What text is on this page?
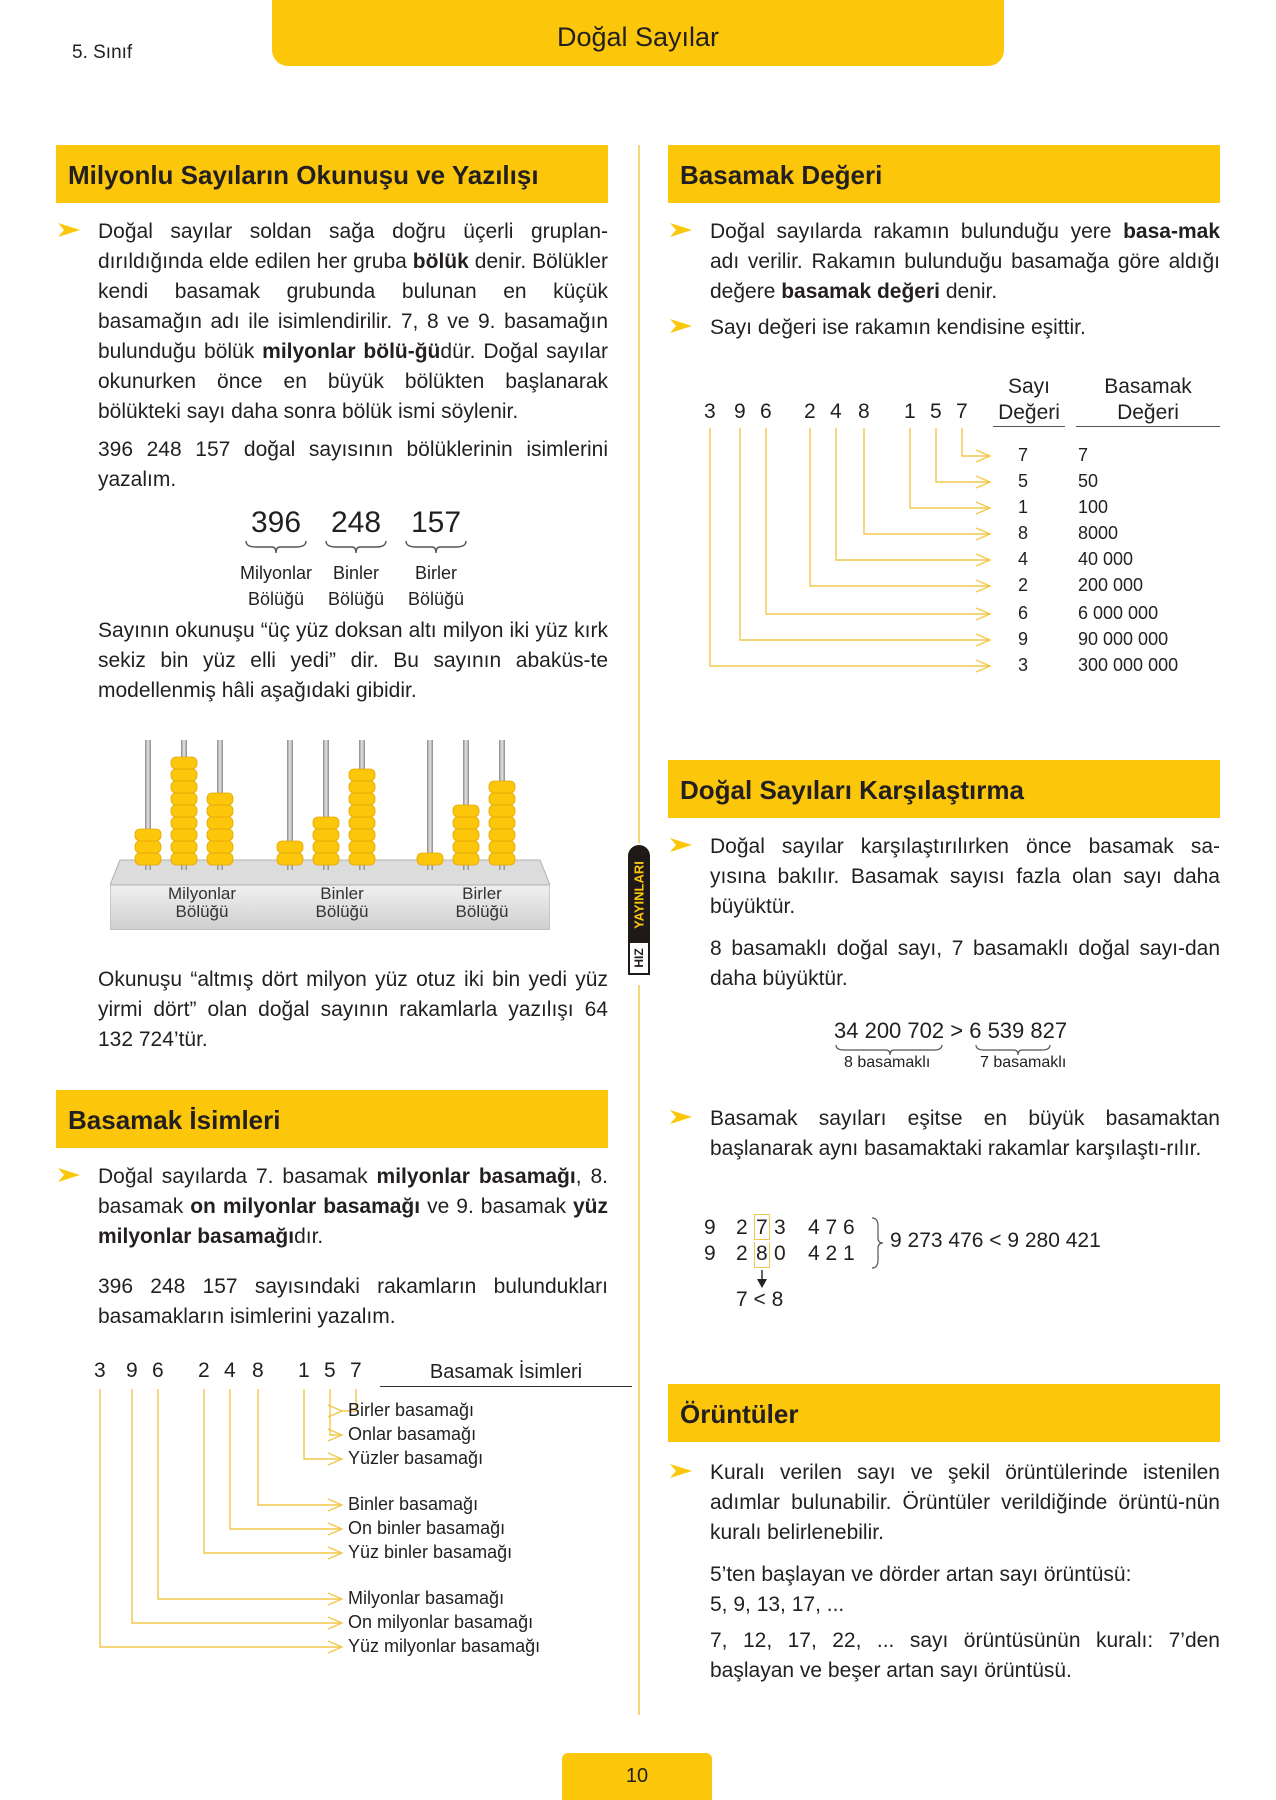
5. Sınıf
Doğal Sayılar
YAYINLARI
HIZ
Milyonlu Sayıların Okunuşu ve Yazılışı
Doğal sayılar soldan sağa doğru üçerli gruplan-dırıldığında elde edilen her gruba bölük denir. Bölükler kendi basamak grubunda bulunan en küçük basamağın adı ile isimlendirilir. 7, 8 ve 9. basamağın bulunduğu bölük milyonlar bölü-ğüdür. Doğal sayılar okunurken önce en büyük bölükten başlanarak bölükteki sayı daha sonra bölük ismi söylenir.
396 248 157 doğal sayısının bölüklerinin isimlerini yazalım.
396 248 157
Milyonlar
Bölüğü
Binler
Bölüğü
Birler
Bölüğü
Sayının okunuşu “üç yüz doksan altı milyon iki yüz kırk sekiz bin yüz elli yedi” dir. Bu sayının abaküs-te modellenmiş hâli aşağıdaki gibidir.
Milyonlar
Bölüğü
Binler
Bölüğü
Birler
Bölüğü
Okunuşu “altmış dört milyon yüz otuz iki bin yedi yüz yirmi dört” olan doğal sayının rakamlarla yazılışı 64 132 724’tür.
Basamak İsimleri
Doğal sayılarda 7. basamak milyonlar basamağı, 8. basamak on milyonlar basamağı ve 9. basamak yüz milyonlar basamağıdır.
396 248 157 sayısındaki rakamların bulundukları basamakların isimlerini yazalım.
3 9 6 2 4 8 1 5 7	Basamak İsimleri
Birler basamağı
Onlar basamağı
Yüzler basamağı
Binler basamağı
On binler basamağı
Yüz binler basamağı
Milyonlar basamağı
On milyonlar basamağı
Yüz milyonlar basamağı
Basamak Değeri
Doğal sayılarda rakamın bulunduğu yere basa-mak adı verilir. Rakamın bulunduğu basamağa göre aldığı değere basamak değeri denir.
Sayı değeri ise rakamın kendisine eşittir.
3 9 6 2 4 8 1 5 7
Sayı
Değeri
Basamak
Değeri
7	7
5	50
1	100
8	8000
4	40 000
2	200 000
6	6 000 000
9	90 000 000
3	300 000 000
Doğal Sayıları Karşılaştırma
Doğal sayılar karşılaştırılırken önce basamak sa-yısına bakılır. Basamak sayısı fazla olan sayı daha büyüktür.
8 basamaklı doğal sayı, 7 basamaklı doğal sayı-dan daha büyüktür.
34 200 702 > 6 539 827
8 basamaklı	7 basamaklı
Basamak sayıları eşitse en büyük basamaktan başlanarak aynı basamaktaki rakamlar karşılaştı-rılır.
9 2 7 3 4 7 6
9 2 8 0 4 2 1
9 273 476 < 9 280 421
7 < 8
Örüntüler
Kuralı verilen sayı ve şekil örüntülerinde istenilen adımlar bulunabilir. Örüntüler verildiğinde örüntü-nün kuralı belirlenebilir.
5’ten başlayan ve dörder artan sayı örüntüsü:
5, 9, 13, 17, ...
7, 12, 17, 22, ... sayı örüntüsünün kuralı: 7’den başlayan ve beşer artan sayı örüntüsü.
10
